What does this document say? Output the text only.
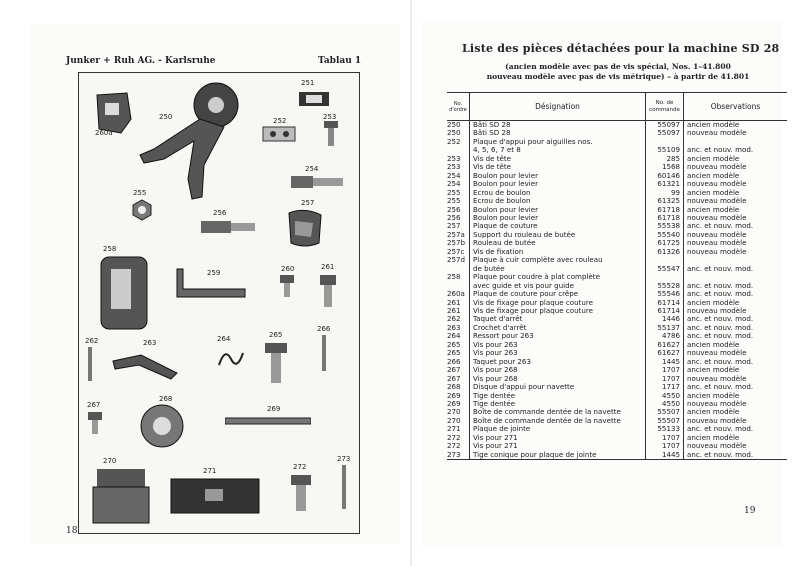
Junker + Ruh AG. - Karlsruhe	Tablau 1
251
260a
250	252	253
254
255
256
257
258
259	260	261
262	263	264	265
266
267
268
269
270
271	272
273
18
Liste des pièces détachées pour la machine SD 28
(ancien modèle avec pas de vis spécial, Nos. 1–41.800
nouveau modèle avec pas de vis métrique) – à partir de 41.801
No. d'ordre	Désignation	No. de commande	Observations
250	Bâti SD 28	55097	ancien modèle
250	Bâti SD 28	55097	nouveau modèle
252	Plaque d'appui pour aiguilles nos.		
	4, 5, 6, 7 et 8	55109	anc. et nouv. mod.
253	Vis de tête	285	ancien modèle
253	Vis de tête	1568	nouveau modèle
254	Boulon pour levier	60146	ancien modèle
254	Boulon pour levier	61321	nouveau modèle
255	Ecrou de boulon	99	ancien modèle
255	Ecrou de boulon	61325	nouveau modèle
256	Boulon pour levier	61718	ancien modèle
256	Boulon pour levier	61718	nouveau modèle
257	Plaque de couture	55538	anc. et nouv. mod.
257a	Support du rouleau de butée	55540	nouveau modèle
257b	Rouleau de butée	61725	nouveau modèle
257c	Vis de fixation	61326	nouveau modèle
257d	Plaque à cuir complète avec rouleau		
	de butée	55547	anc. et nouv. mod.
258	Plaque pour coudre à plat complète		
	avec guide et vis pour guide	55528	anc. et nouv. mod.
260a	Plaque de couture pour crêpe	55546	anc. et nouv. mod.
261	Vis de fixage pour plaque couture	61714	ancien modèle
261	Vis de fixage pour plaque couture	61714	nouveau modèle
262	Taquet d'arrêt	1446	anc. et nouv. mod.
263	Crochet d'arrêt	55137	anc. et nouv. mod.
264	Ressort pour 263	4786	anc. et nouv. mod.
265	Vis pour 263	61627	ancien modèle
265	Vis pour 263	61627	nouveau modèle
266	Taquet pour 263	1445	anc. et nouv. mod.
267	Vis pour 268	1707	ancien modèle
267	Vis pour 268	1707	nouveau modèle
268	Disque d'appui pour navette	1717	anc. et nouv. mod.
269	Tige dentée	4550	ancien modèle
269	Tige dentée	4550	nouveau modèle
270	Boîte de commande dentée de la navette	55507	ancien modèle
270	Boîte de commande dentée de la navette	55507	nouveau modèle
271	Plaque de jointe	55133	anc. et nouv. mod.
272	Vis pour 271	1707	ancien modèle
272	Vis pour 271	1707	nouveau modèle
273	Tige conique pour plaque de jointe	1445	anc. et nouv. mod.
19
